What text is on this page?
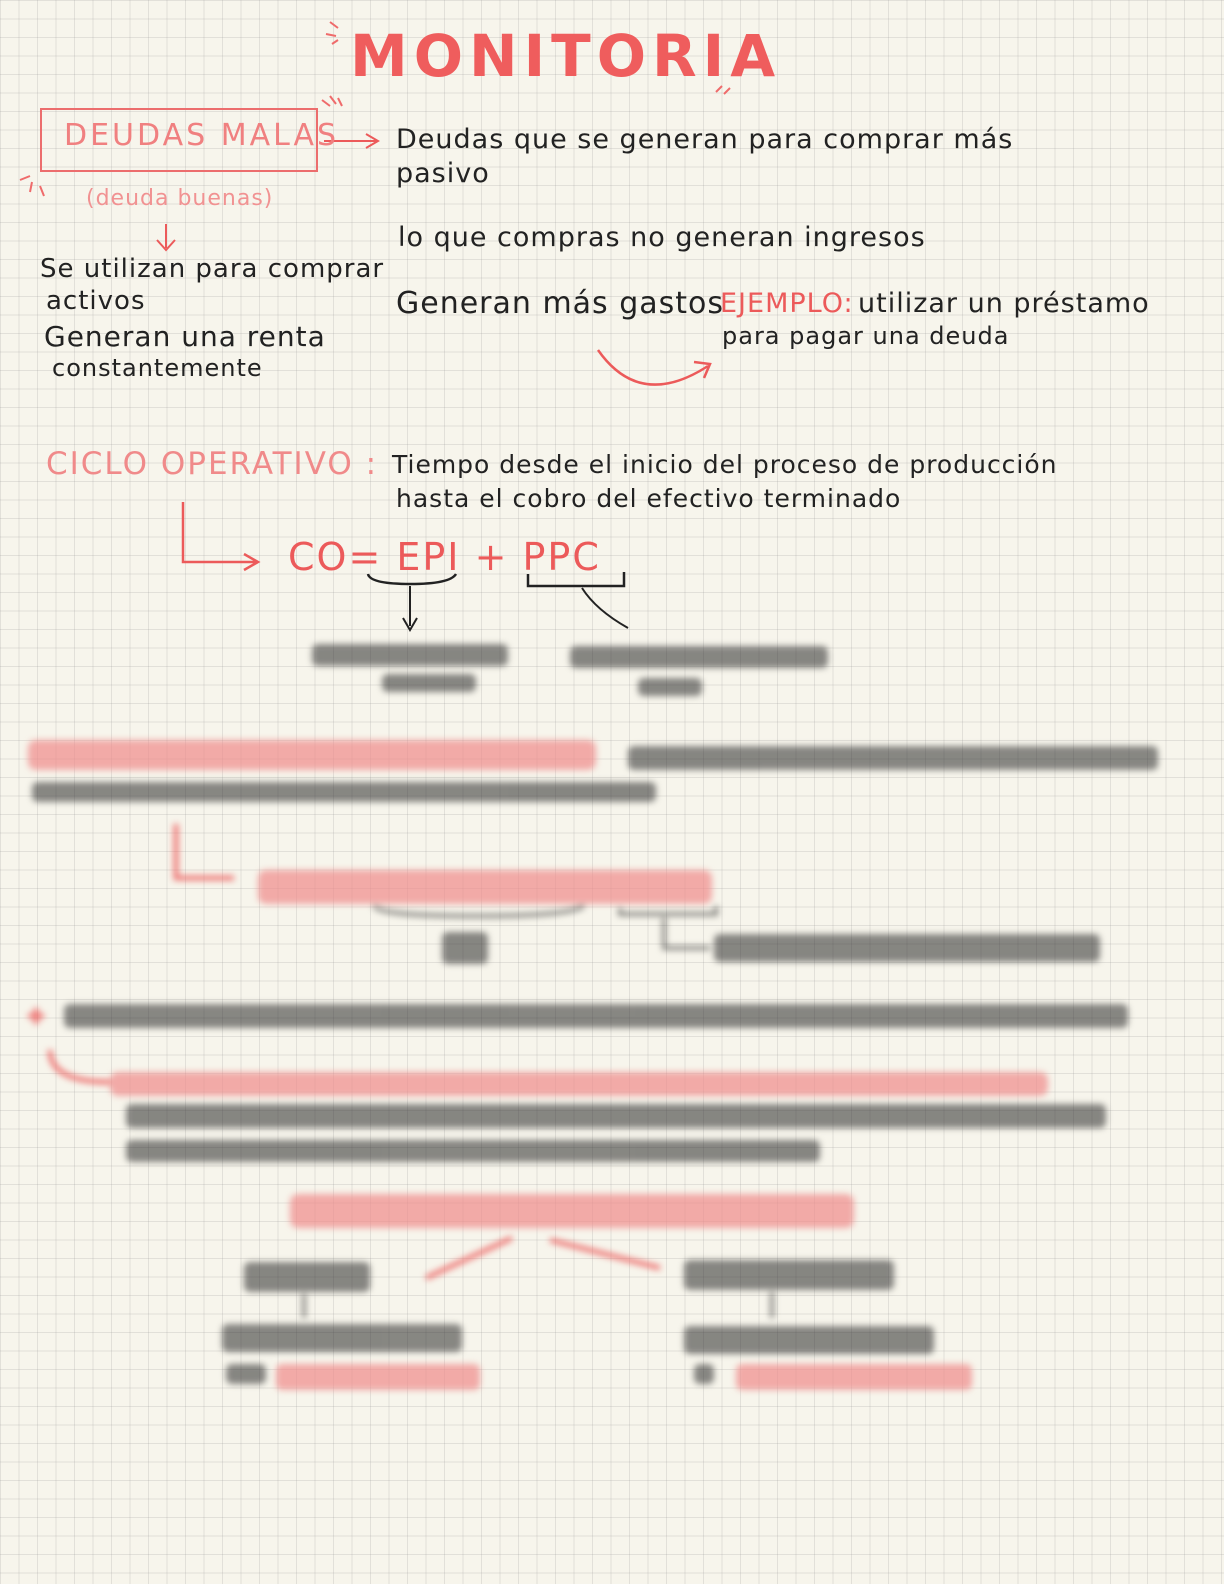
MONITORIA
DEUDAS MALAS Deudas que se generan para comprar más
pasivo
lo que compras no generan ingresos
Generan más gastos
EJEMPLO: utilizar un préstamo
para pagar una deuda
(deuda buenas)
Se utilizan para comprar
activos
Generan una renta
constantemente
CICLO OPERATIVO : Tiempo desde el inicio del proceso de producción
hasta el cobro del efectivo terminado
CO= EPI + PPC
